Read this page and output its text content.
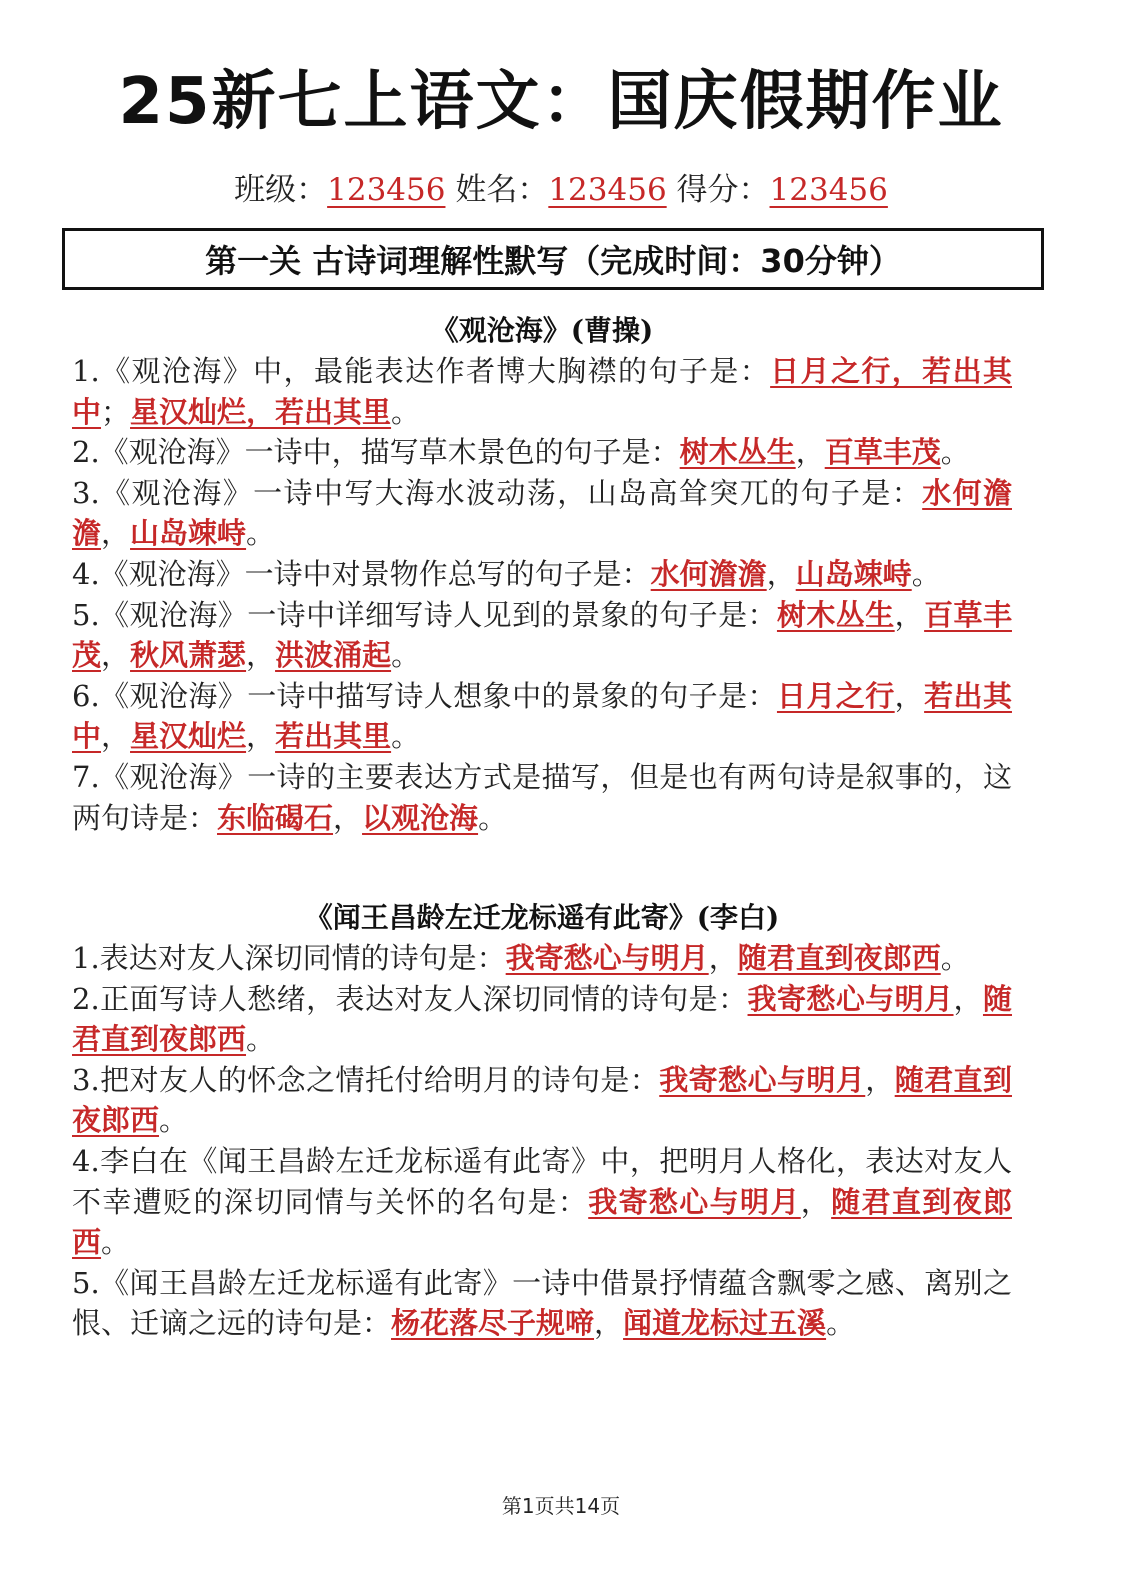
25新七上语文：国庆假期作业
班级：123456 姓名：123456 得分：123456
第一关 古诗词理解性默写（完成时间：30分钟）
《观沧海》(曹操)

1.《观沧海》中，最能表达作者博大胸襟的句子是：日月之行，若出其中；星汉灿烂，若出其里。

2.《观沧海》一诗中，描写草木景色的句子是：树木丛生，百草丰茂。

3.《观沧海》一诗中写大海水波动荡，山岛高耸突兀的句子是：水何澹澹，山岛竦峙。

4.《观沧海》一诗中对景物作总写的句子是：水何澹澹，山岛竦峙。

5.《观沧海》一诗中详细写诗人见到的景象的句子是：树木丛生，百草丰茂，秋风萧瑟，洪波涌起。

6.《观沧海》一诗中描写诗人想象中的景象的句子是：日月之行，若出其中，星汉灿烂，若出其里。

7.《观沧海》一诗的主要表达方式是描写，但是也有两句诗是叙事的，这两句诗是：东临碣石，以观沧海。

《闻王昌龄左迁龙标遥有此寄》(李白)

1.表达对友人深切同情的诗句是：我寄愁心与明月，随君直到夜郎西。

2.正面写诗人愁绪，表达对友人深切同情的诗句是：我寄愁心与明月，随君直到夜郎西。

3.把对友人的怀念之情托付给明月的诗句是：我寄愁心与明月，随君直到夜郎西。

4.李白在《闻王昌龄左迁龙标遥有此寄》中，把明月人格化，表达对友人不幸遭贬的深切同情与关怀的名句是：我寄愁心与明月，随君直到夜郎西。

5.《闻王昌龄左迁龙标遥有此寄》一诗中借景抒情蕴含飘零之感、离别之恨、迁谪之远的诗句是：杨花落尽子规啼，闻道龙标过五溪。

第1页共14页
